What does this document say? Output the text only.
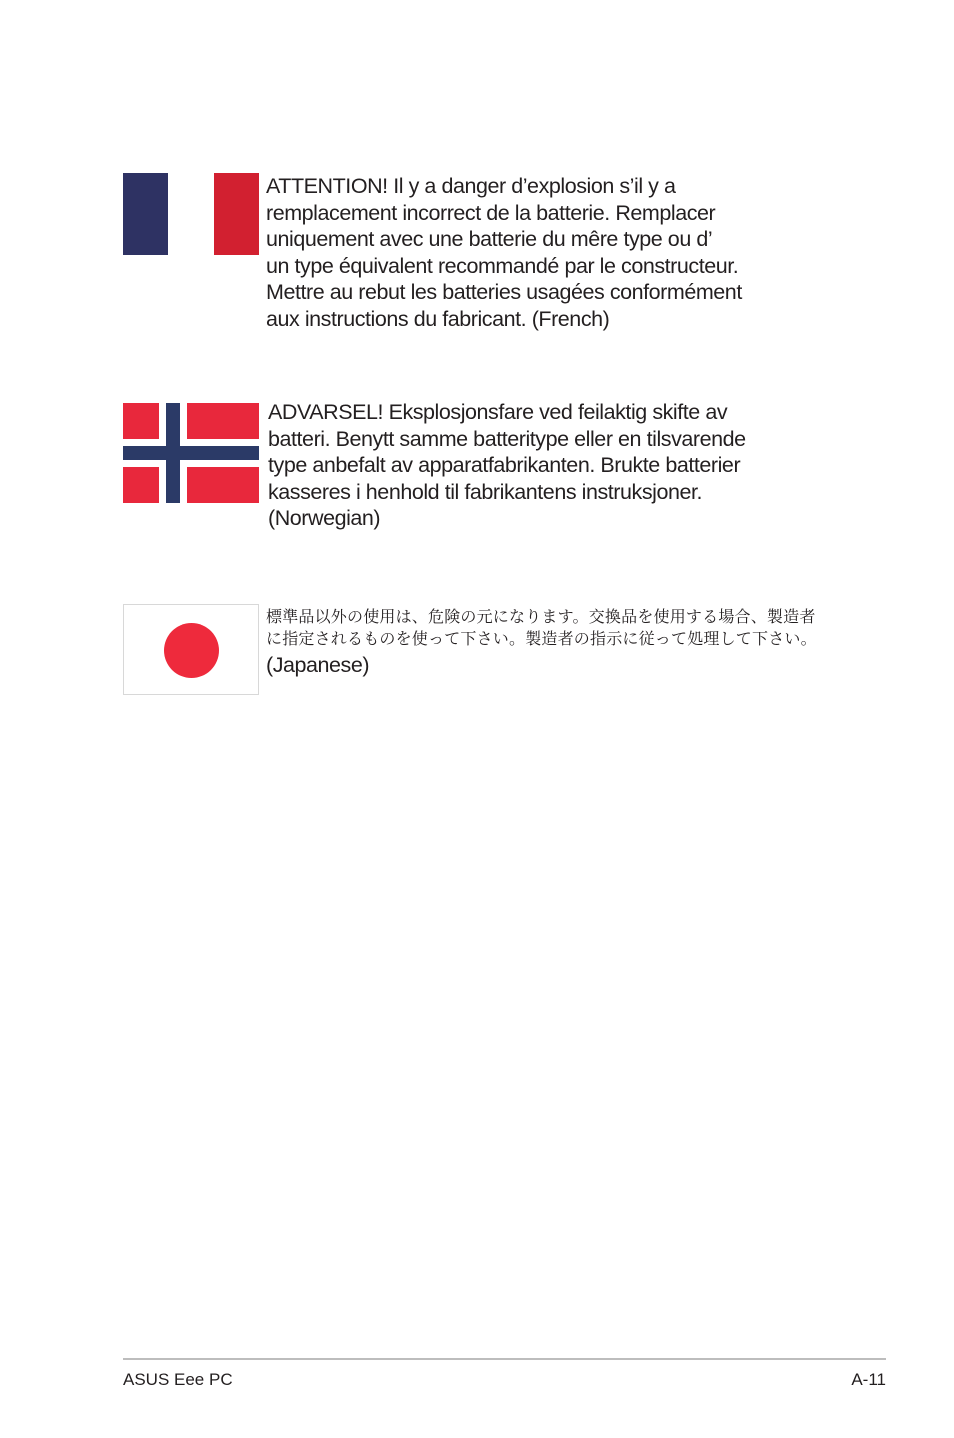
ATTENTION! Il y a danger d’explosion s’il y a
remplacement incorrect de la batterie. Remplacer
uniquement avec une batterie du mêre type ou d’
un type équivalent recommandé par le constructeur.
Mettre au rebut les batteries usagées conformément
aux instructions du fabricant. (French)

ADVARSEL! Eksplosjonsfare ved feilaktig skifte av
batteri. Benytt samme batteritype eller en tilsvarende
type anbefalt av apparatfabrikanten. Brukte batterier
kasseres i henhold til fabrikantens instruksjoner.
(Norwegian)

標準品以外の使用は、危険の元になります。交換品を使用する場合、製造者
に指定されるものを使って下さい。製造者の指示に従って処理して下さい。
(Japanese)
ASUS Eee PC	A-11
